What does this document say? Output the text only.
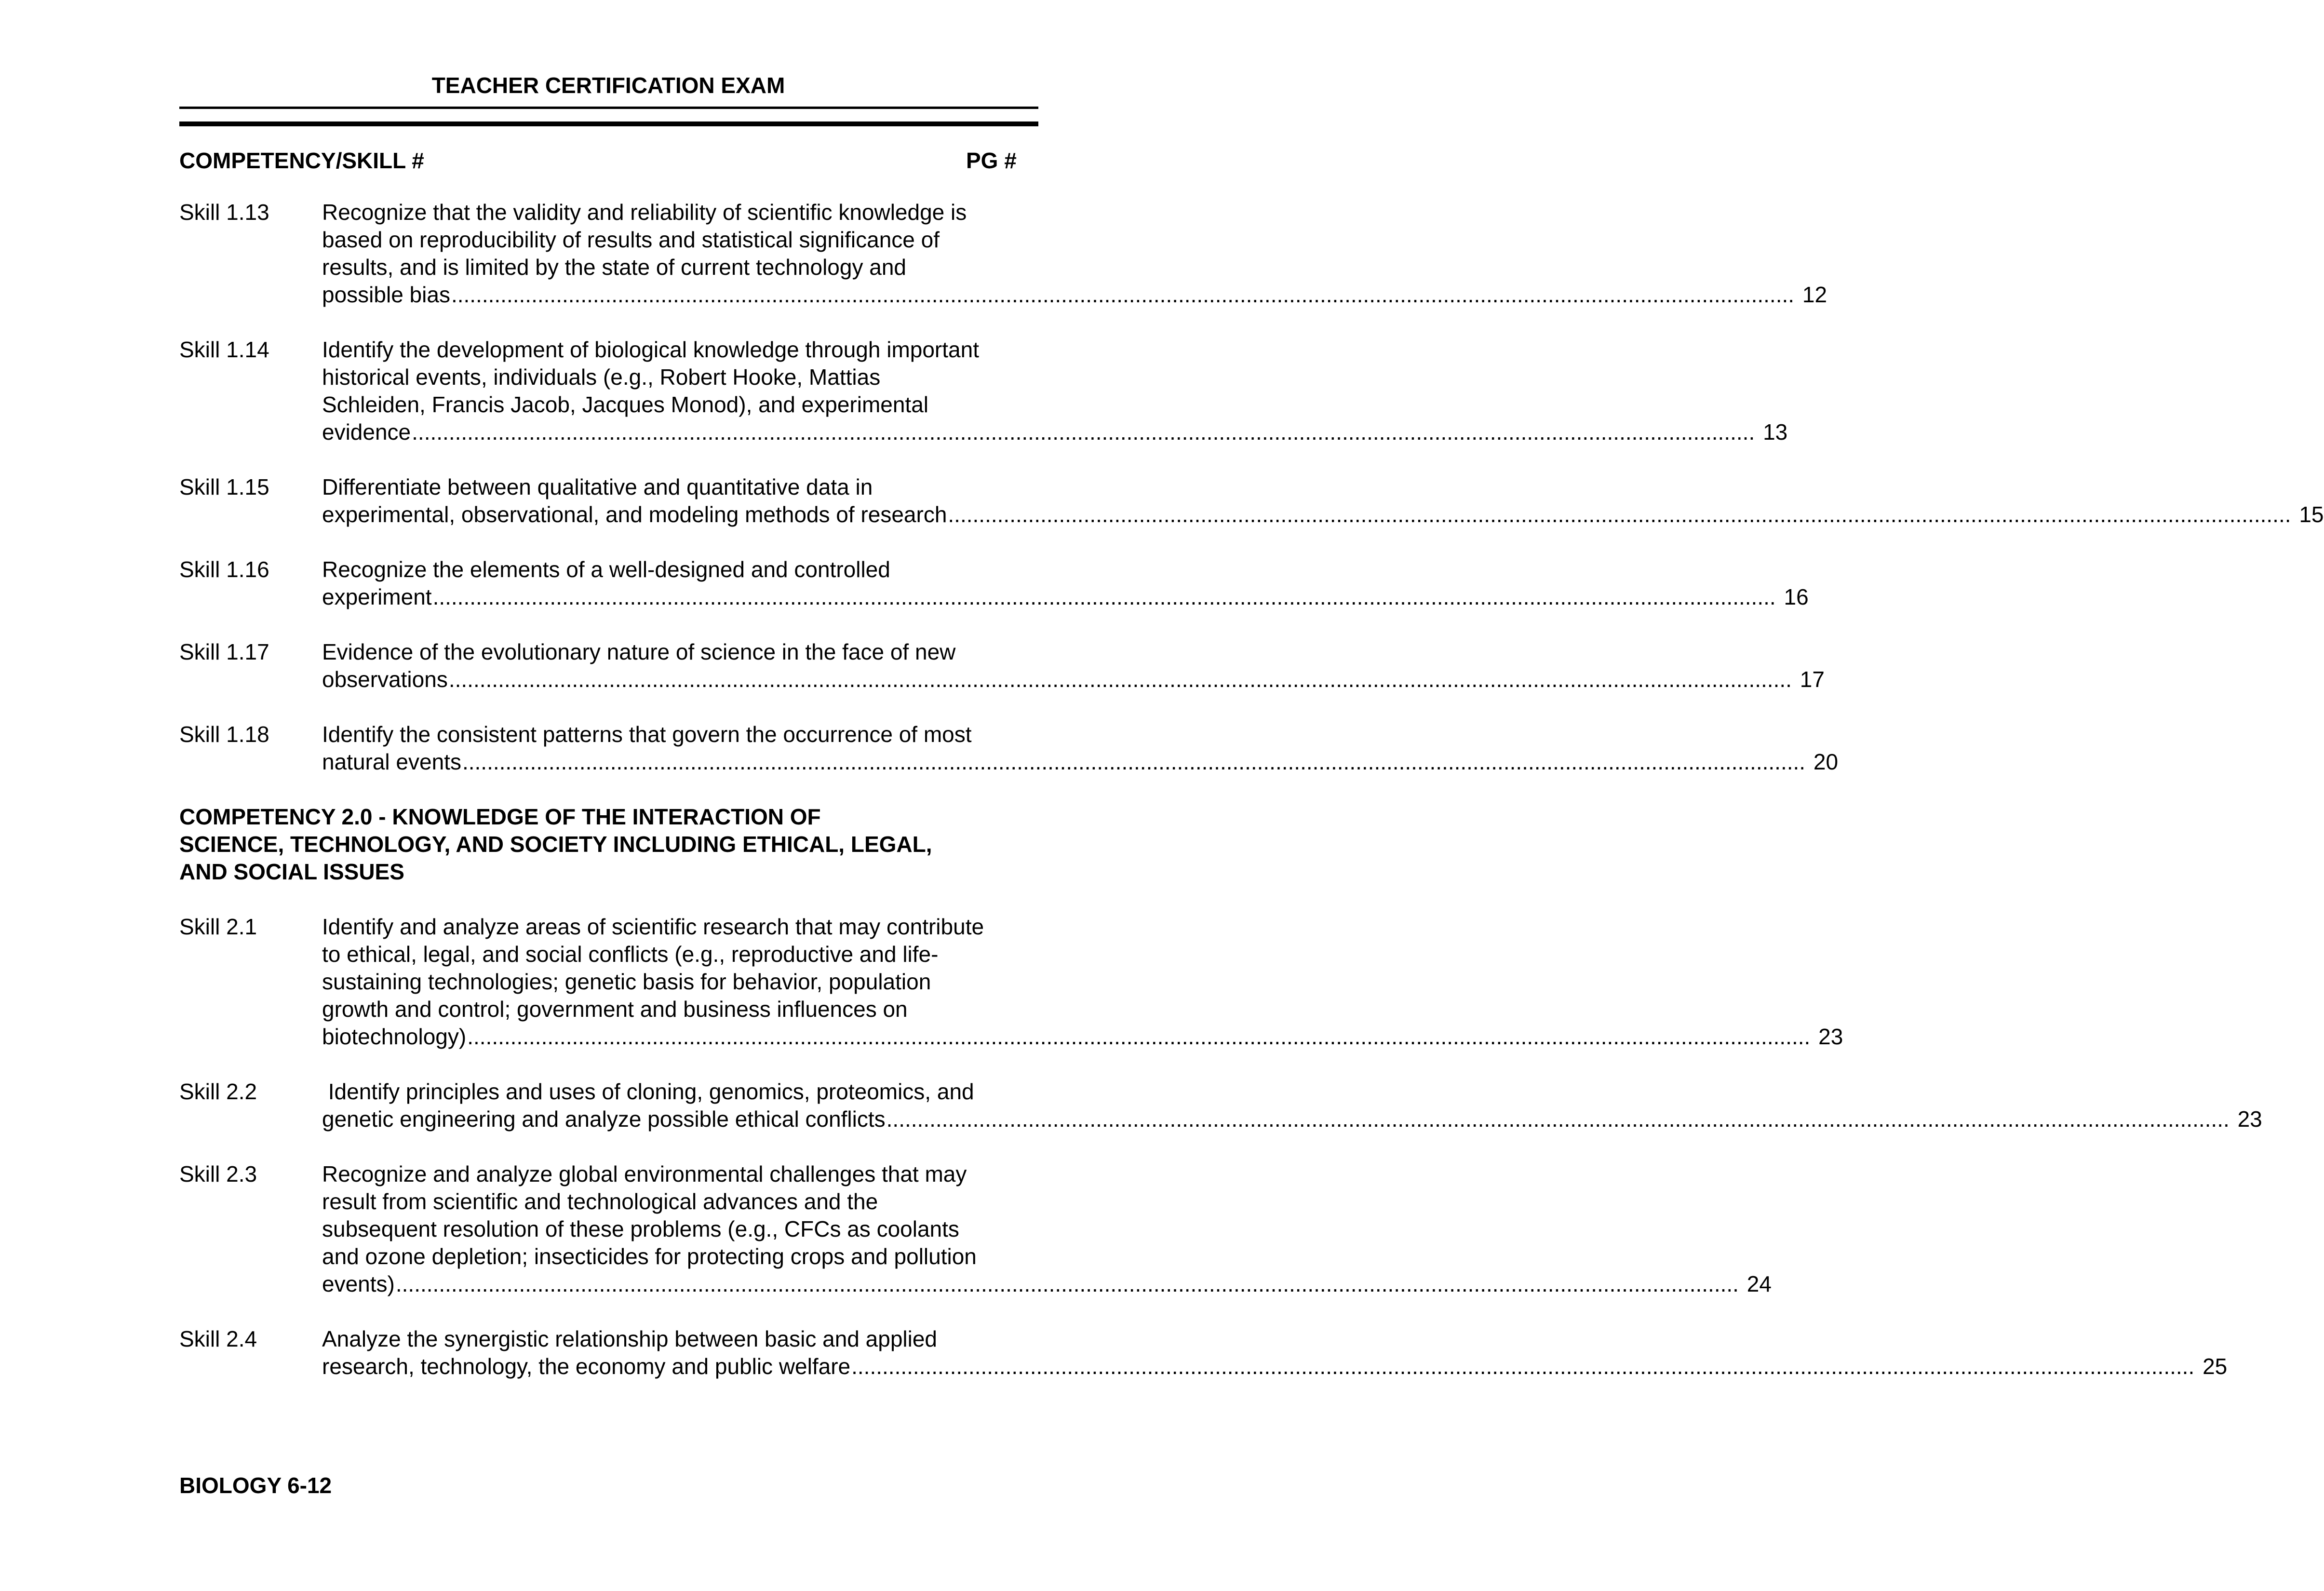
TEACHER CERTIFICATION EXAM
COMPETENCY/SKILL #	PG #
Skill 1.13	Recognize that the validity and reliability of scientific knowledge is
based on reproducibility of results and statistical significance of
results, and is limited by the state of current technology and
possible bias .......................................................................................................................................................................................................................... 12
Skill 1.14	Identify the development of biological knowledge through important
historical events, individuals (e.g., Robert Hooke, Mattias
Schleiden, Francis Jacob, Jacques Monod), and experimental
evidence .......................................................................................................................................................................................................................... 13
Skill 1.15	Differentiate between qualitative and quantitative data in
experimental, observational, and modeling methods of research .......................................................................................................................................................................................................................... 15
Skill 1.16	Recognize the elements of a well-designed and controlled
experiment .......................................................................................................................................................................................................................... 16
Skill 1.17	Evidence of the evolutionary nature of science in the face of new
observations .......................................................................................................................................................................................................................... 17
Skill 1.18	Identify the consistent patterns that govern the occurrence of most
natural events .......................................................................................................................................................................................................................... 20
COMPETENCY 2.0 - KNOWLEDGE OF THE INTERACTION OF
SCIENCE, TECHNOLOGY, AND SOCIETY INCLUDING ETHICAL, LEGAL,
AND SOCIAL ISSUES
Skill 2.1	Identify and analyze areas of scientific research that may contribute
to ethical, legal, and social conflicts (e.g., reproductive and life-
sustaining technologies; genetic basis for behavior, population
growth and control; government and business influences on
biotechnology) .......................................................................................................................................................................................................................... 23
Skill 2.2	Identify principles and uses of cloning, genomics, proteomics, and
genetic engineering and analyze possible ethical conflicts .......................................................................................................................................................................................................................... 23
Skill 2.3	Recognize and analyze global environmental challenges that may
result from scientific and technological advances and the
subsequent resolution of these problems (e.g., CFCs as coolants
and ozone depletion; insecticides for protecting crops and pollution
events) .......................................................................................................................................................................................................................... 24
Skill 2.4	Analyze the synergistic relationship between basic and applied
research, technology, the economy and public welfare .......................................................................................................................................................................................................................... 25
BIOLOGY 6-12
